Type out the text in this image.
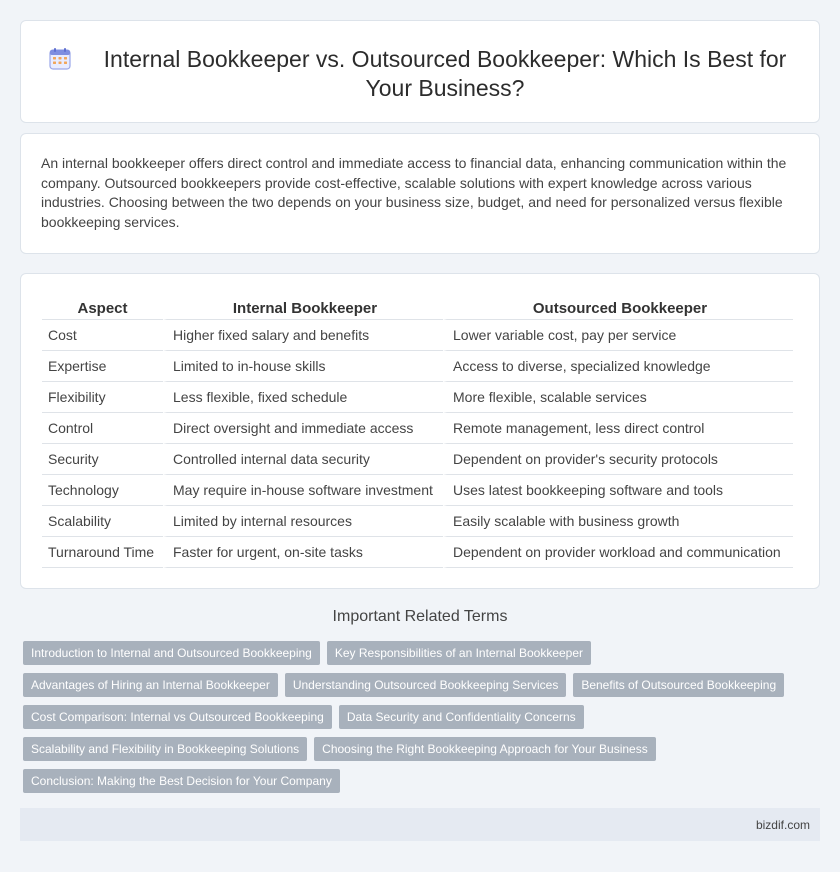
Internal Bookkeeper vs. Outsourced Bookkeeper: Which Is Best for Your Business?

An internal bookkeeper offers direct control and immediate access to financial data, enhancing communication within the company. Outsourced bookkeepers provide cost-effective, scalable solutions with expert knowledge across various industries. Choosing between the two depends on your business size, budget, and need for personalized versus flexible bookkeeping services.

Aspect	Internal Bookkeeper	Outsourced Bookkeeper
Cost	Higher fixed salary and benefits	Lower variable cost, pay per service
Expertise	Limited to in-house skills	Access to diverse, specialized knowledge
Flexibility	Less flexible, fixed schedule	More flexible, scalable services
Control	Direct oversight and immediate access	Remote management, less direct control
Security	Controlled internal data security	Dependent on provider's security protocols
Technology	May require in-house software investment	Uses latest bookkeeping software and tools
Scalability	Limited by internal resources	Easily scalable with business growth
Turnaround Time	Faster for urgent, on-site tasks	Dependent on provider workload and communication
Important Related Terms
Introduction to Internal and Outsourced Bookkeeping	Key Responsibilities of an Internal Bookkeeper
Advantages of Hiring an Internal Bookkeeper	Understanding Outsourced Bookkeeping Services	Benefits of Outsourced Bookkeeping
Cost Comparison: Internal vs Outsourced Bookkeeping	Data Security and Confidentiality Concerns
Scalability and Flexibility in Bookkeeping Solutions	Choosing the Right Bookkeeping Approach for Your Business
Conclusion: Making the Best Decision for Your Company
bizdif.com
